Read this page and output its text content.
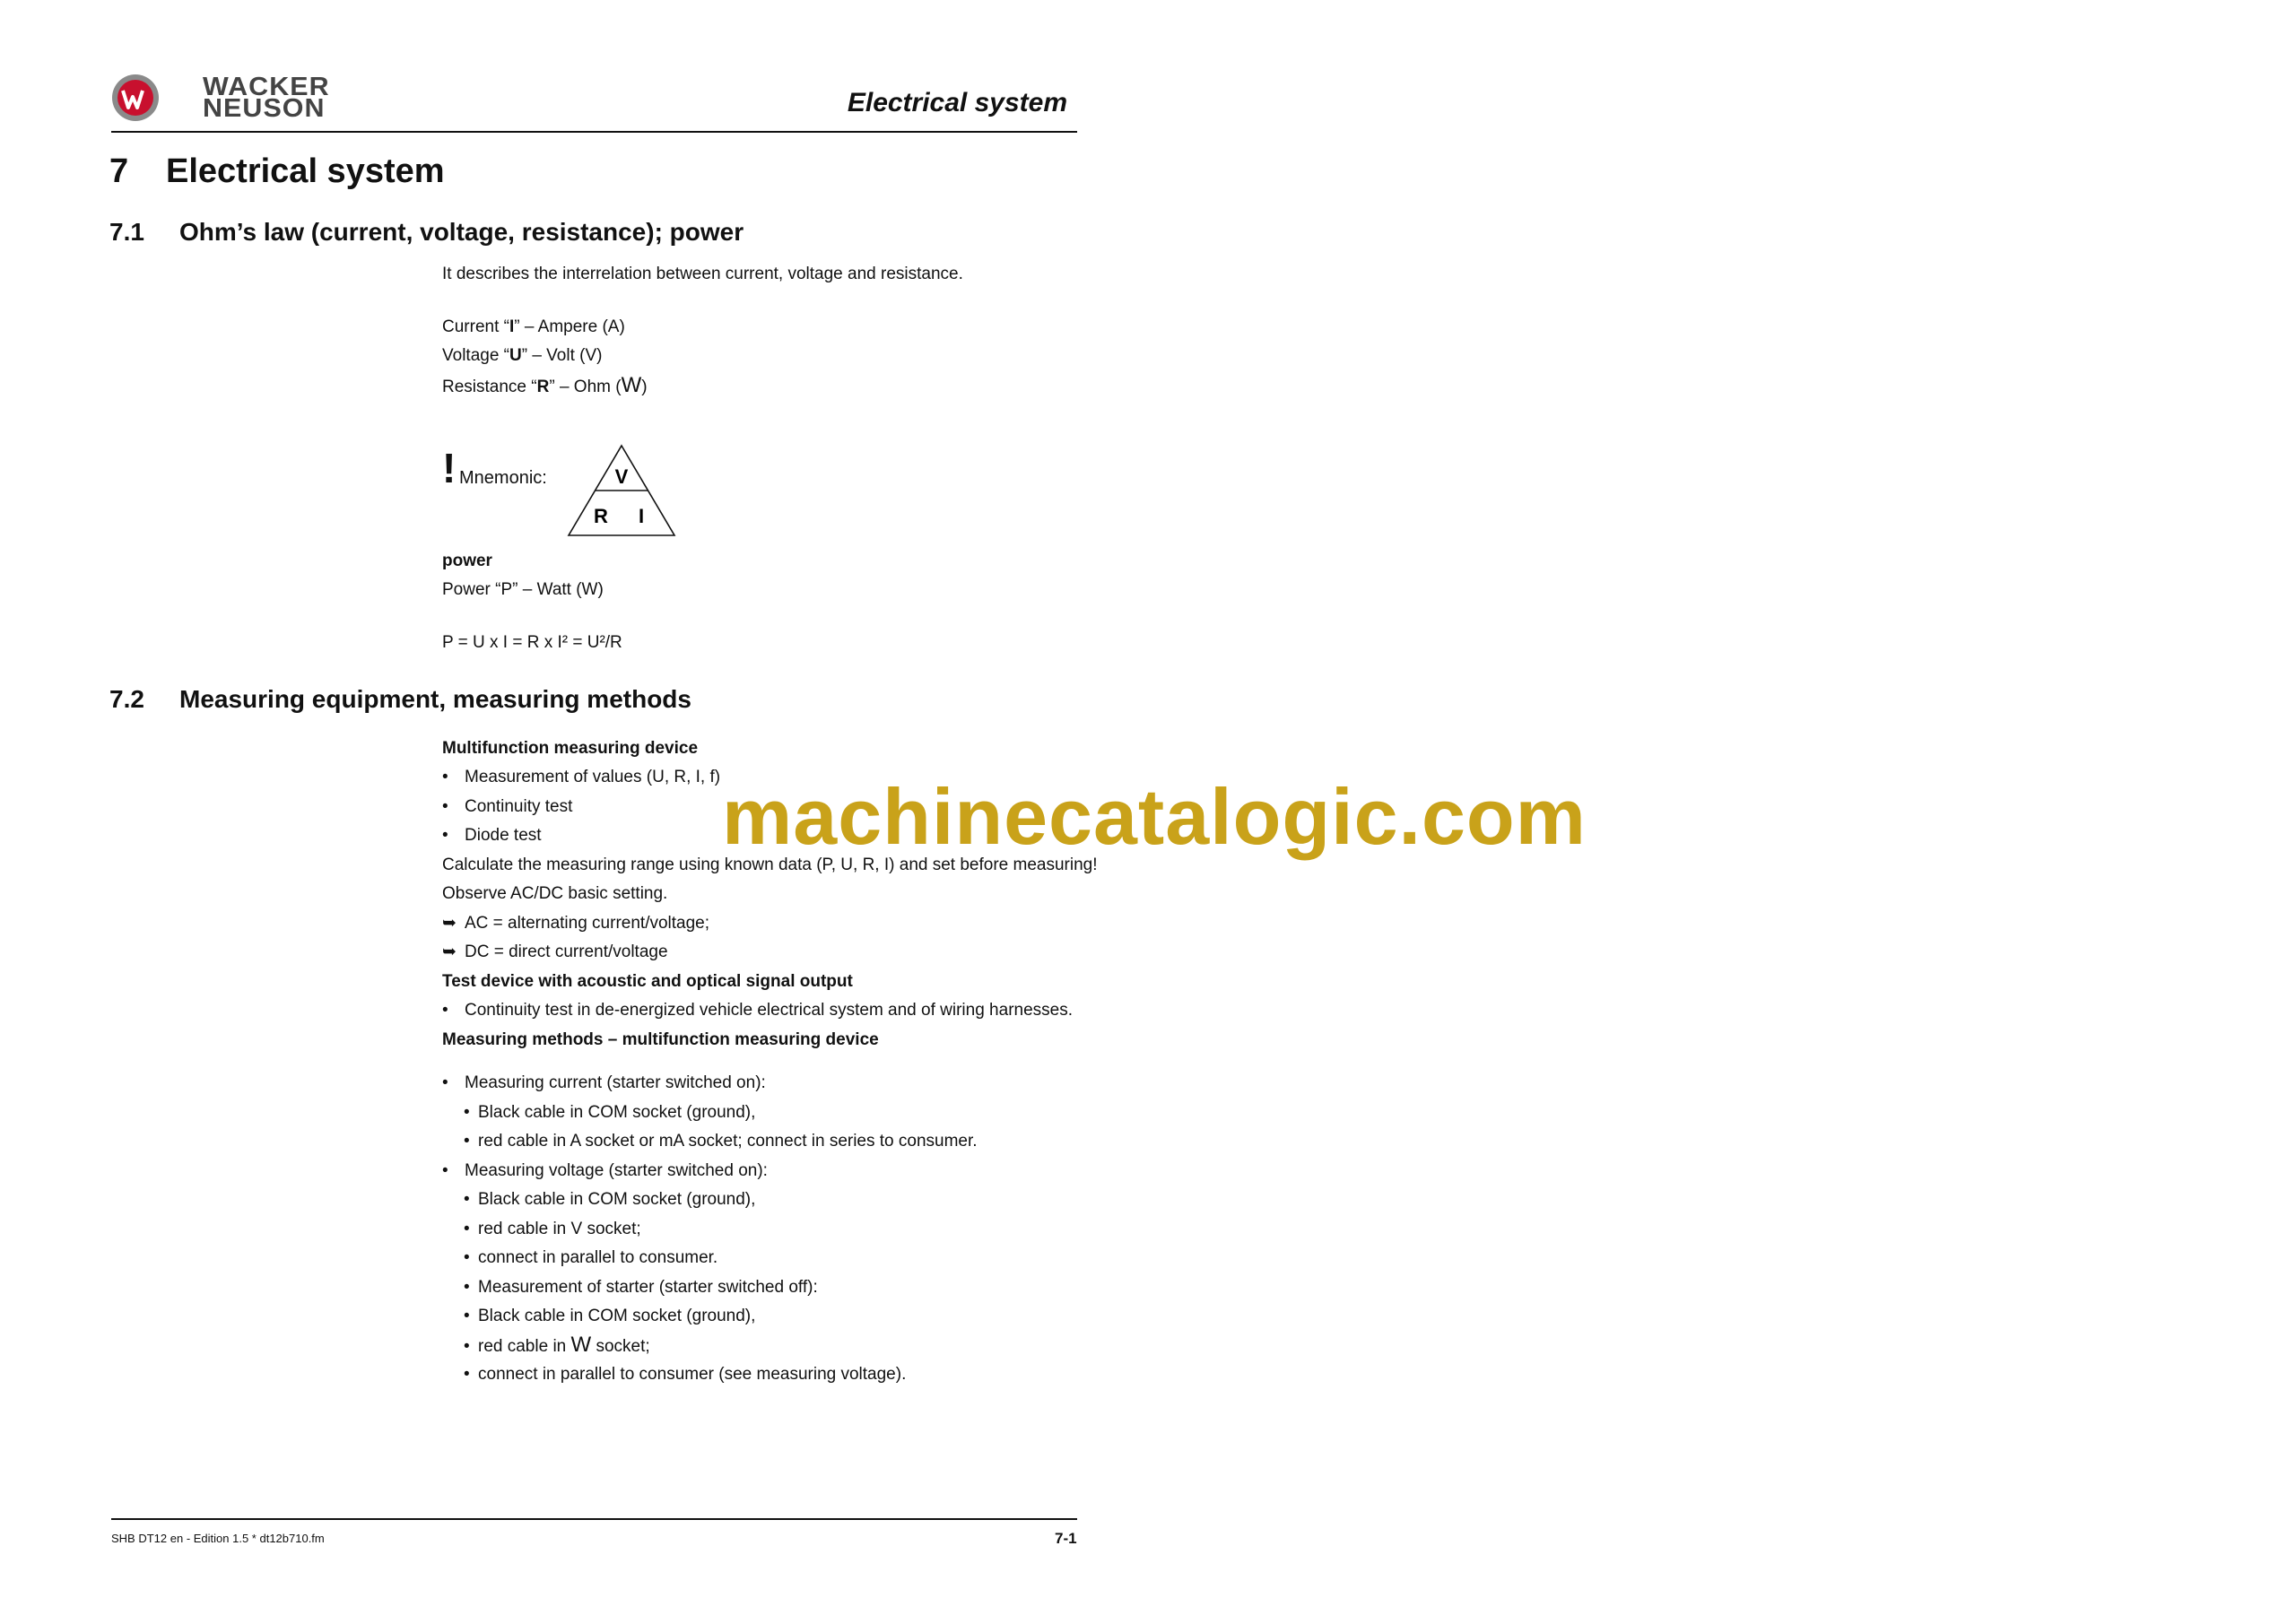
WACKER
NEUSON	Electrical system
7 Electrical system
7.1 Ohm’s law (current, voltage, resistance); power
It describes the interrelation between current, voltage and resistance.
Current “I” – Ampere (A)
Voltage “U” – Volt (V)
Resistance “R” – Ohm (W)
! Mnemonic:	V
R I
power
Power “P” – Watt (W)
P = U x I = R x I² = U²/R
7.2 Measuring equipment, measuring methods
Multifunction measuring device
• Measurement of values (U, R, I, f)
• Continuity test
• Diode test
Calculate the measuring range using known data (P, U, R, I) and set before measuring!
Observe AC/DC basic setting.
➥ AC = alternating current/voltage;
➥ DC = direct current/voltage
Test device with acoustic and optical signal output
• Continuity test in de-energized vehicle electrical system and of wiring harnesses.
Measuring methods – multifunction measuring device
• Measuring current (starter switched on):
• Black cable in COM socket (ground),
• red cable in A socket or mA socket; connect in series to consumer.
• Measuring voltage (starter switched on):
• Black cable in COM socket (ground),
• red cable in V socket;
• connect in parallel to consumer.
• Measurement of starter (starter switched off):
• Black cable in COM socket (ground),
• red cable in W socket;
• connect in parallel to consumer (see measuring voltage).
machinecatalogic.com
SHB DT12 en - Edition 1.5 * dt12b710.fm	7-1
